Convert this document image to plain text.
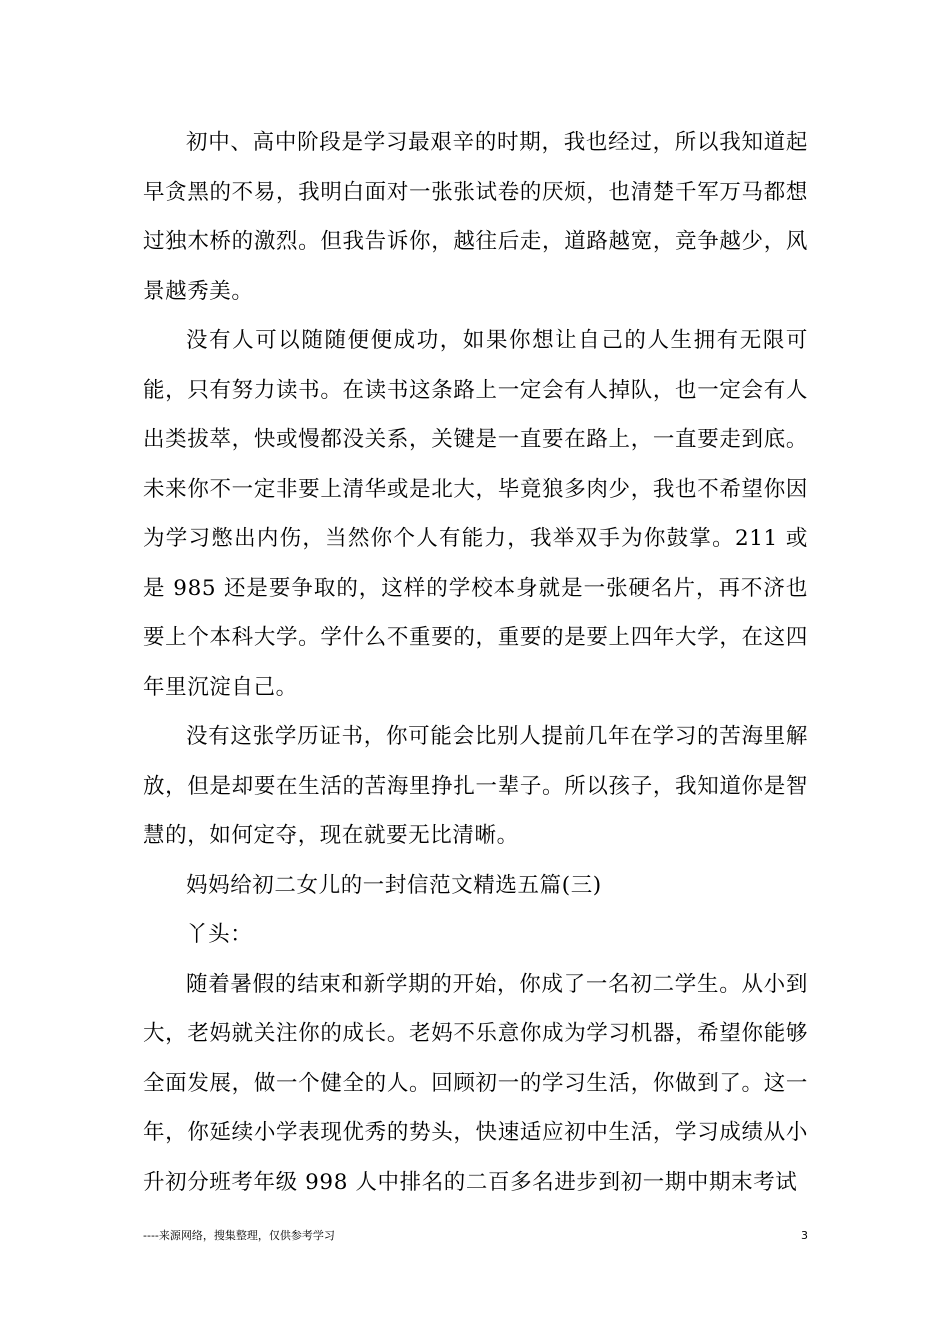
初中、高中阶段是学习最艰辛的时期，我也经过，所以我知道起早贪黑的不易，我明白面对一张张试卷的厌烦，也清楚千军万马都想过独木桥的激烈。但我告诉你，越往后走，道路越宽，竞争越少，风景越秀美。

没有人可以随随便便成功，如果你想让自己的人生拥有无限可能，只有努力读书。在读书这条路上一定会有人掉队，也一定会有人出类拔萃，快或慢都没关系，关键是一直要在路上，一直要走到底。未来你不一定非要上清华或是北大，毕竟狼多肉少，我也不希望你因为学习憋出内伤，当然你个人有能力，我举双手为你鼓掌。211 或是 985 还是要争取的，这样的学校本身就是一张硬名片，再不济也要上个本科大学。学什么不重要的，重要的是要上四年大学，在这四年里沉淀自己。

没有这张学历证书，你可能会比别人提前几年在学习的苦海里解放，但是却要在生活的苦海里挣扎一辈子。所以孩子，我知道你是智慧的，如何定夺，现在就要无比清晰。

妈妈给初二女儿的一封信范文精选五篇(三)

丫头：

随着暑假的结束和新学期的开始，你成了一名初二学生。从小到大，老妈就关注你的成长。老妈不乐意你成为学习机器，希望你能够全面发展，做一个健全的人。回顾初一的学习生活，你做到了。这一年，你延续小学表现优秀的势头，快速适应初中生活，学习成绩从小升初分班考年级 998 人中排名的二百多名进步到初一期中期末考试

----来源网络，搜集整理，仅供参考学习	3
